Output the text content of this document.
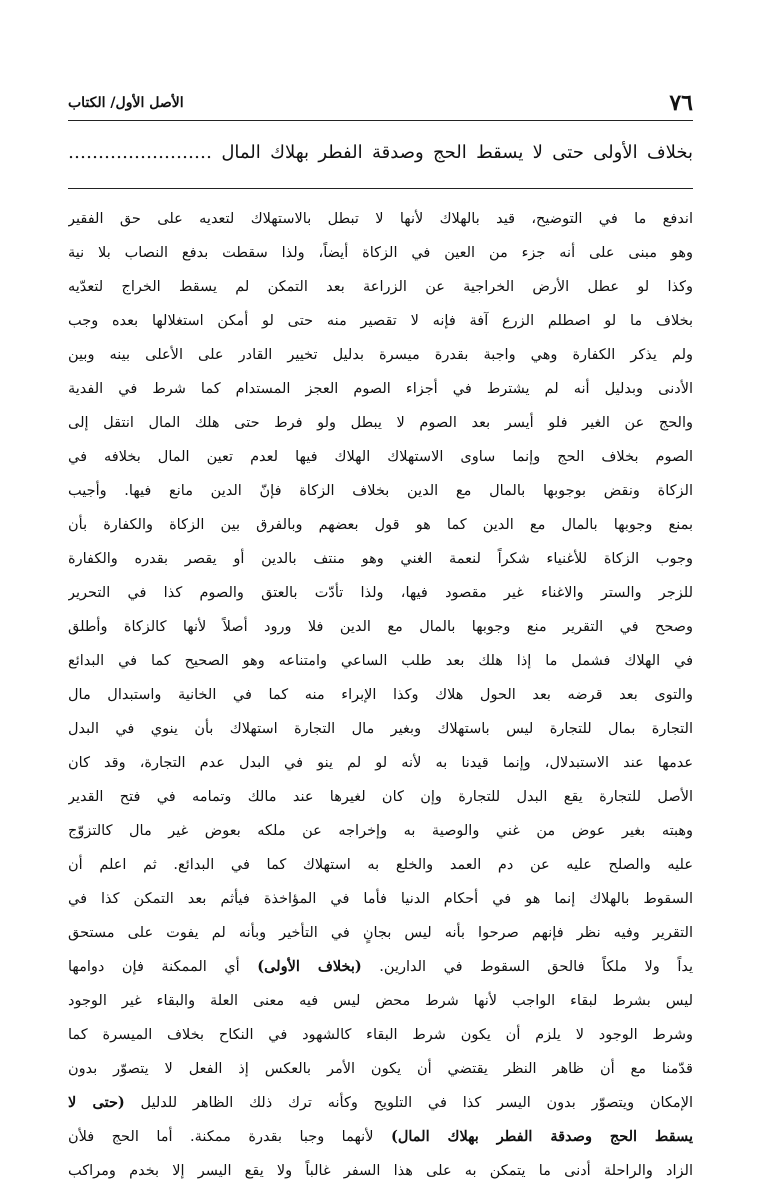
٧٦
الأصل الأول/ الكتاب
بخلاف الأولى حتى لا يسقط الحج وصدقة الفطر بهلاك المال ……………………
اندفع ما في التوضيح، قيد بالهلاك لأنها لا تبطل بالاستهلاك لتعديه على حق الفقير
وهو مبنى على أنه جزء من العين في الزكاة أيضاً، ولذا سقطت بدفع النصاب بلا نية
وكذا لو عطل الأرض الخراجية عن الزراعة بعد التمكن لم يسقط الخراج لتعدّيه
بخلاف ما لو اصطلم الزرع آفة فإنه لا تقصير منه حتى لو أمكن استغلالها بعده وجب
ولم يذكر الكفارة وهي واجبة بقدرة ميسرة بدليل تخيير القادر على الأعلى بينه وبين
الأدنى وبدليل أنه لم يشترط في أجزاء الصوم العجز المستدام كما شرط في الفدية
والحج عن الغير فلو أيسر بعد الصوم لا يبطل ولو فرط حتى هلك المال انتقل إلى
الصوم بخلاف الحج وإنما ساوى الاستهلاك الهلاك فيها لعدم تعين المال بخلافه في
الزكاة ونقض بوجوبها بالمال مع الدين بخلاف الزكاة فإنّ الدين مانع فيها. وأجيب
بمنع وجوبها بالمال مع الدين كما هو قول بعضهم وبالفرق بين الزكاة والكفارة بأن
وجوب الزكاة للأغنياء شكراً لنعمة الغني وهو منتف بالدين أو يقصر بقدره والكفارة
للزجر والستر والاغناء غير مقصود فيها، ولذا تأدّت بالعتق والصوم كذا في التحرير
وصحح في التقرير منع وجوبها بالمال مع الدين فلا ورود أصلاً لأنها كالزكاة وأطلق
في الهلاك فشمل ما إذا هلك بعد طلب الساعي وامتناعه وهو الصحيح كما في البدائع
والتوى بعد قرضه بعد الحول هلاك وكذا الإبراء منه كما في الخانية واستبدال مال
التجارة بمال للتجارة ليس باستهلاك وبغير مال التجارة استهلاك بأن ينوي في البدل
عدمها عند الاستبدلال، وإنما قيدنا به لأنه لو لم ينو في البدل عدم التجارة، وقد كان
الأصل للتجارة يقع البدل للتجارة وإن كان لغيرها عند مالك وتمامه في فتح القدير
وهبته بغير عوض من غني والوصية به وإخراجه عن ملكه بعوض غير مال كالتزوّج
عليه والصلح عليه عن دم العمد والخلع به استهلاك كما في البدائع. ثم اعلم أن
السقوط بالهلاك إنما هو في أحكام الدنيا فأما في المؤاخذة فيأثم بعد التمكن كذا في
التقرير وفيه نظر فإنهم صرحوا بأنه ليس بجانٍ في التأخير وبأنه لم يفوت على مستحق
يداً ولا ملكاً فالحق السقوط في الدارين. (بخلاف الأولى) أي الممكنة فإن دوامها
ليس بشرط لبقاء الواجب لأنها شرط محض ليس فيه معنى العلة والبقاء غير الوجود
وشرط الوجود لا يلزم أن يكون شرط البقاء كالشهود في النكاح بخلاف الميسرة كما
قدّمنا مع أن ظاهر النظر يقتضي أن يكون الأمر بالعكس إذ الفعل لا يتصوّر بدون
الإمكان ويتصوّر بدون اليسر كذا في التلويح وكأنه ترك ذلك الظاهر للدليل (حتى لا
يسقط الحج وصدقة الفطر بهلاك المال) لأنهما وجبا بقدرة ممكنة. أما الحج فلأن
الزاد والراحلة أدنى ما يتمكن به على هذا السفر غالباً ولا يقع اليسر إلا بخدم ومراكب
